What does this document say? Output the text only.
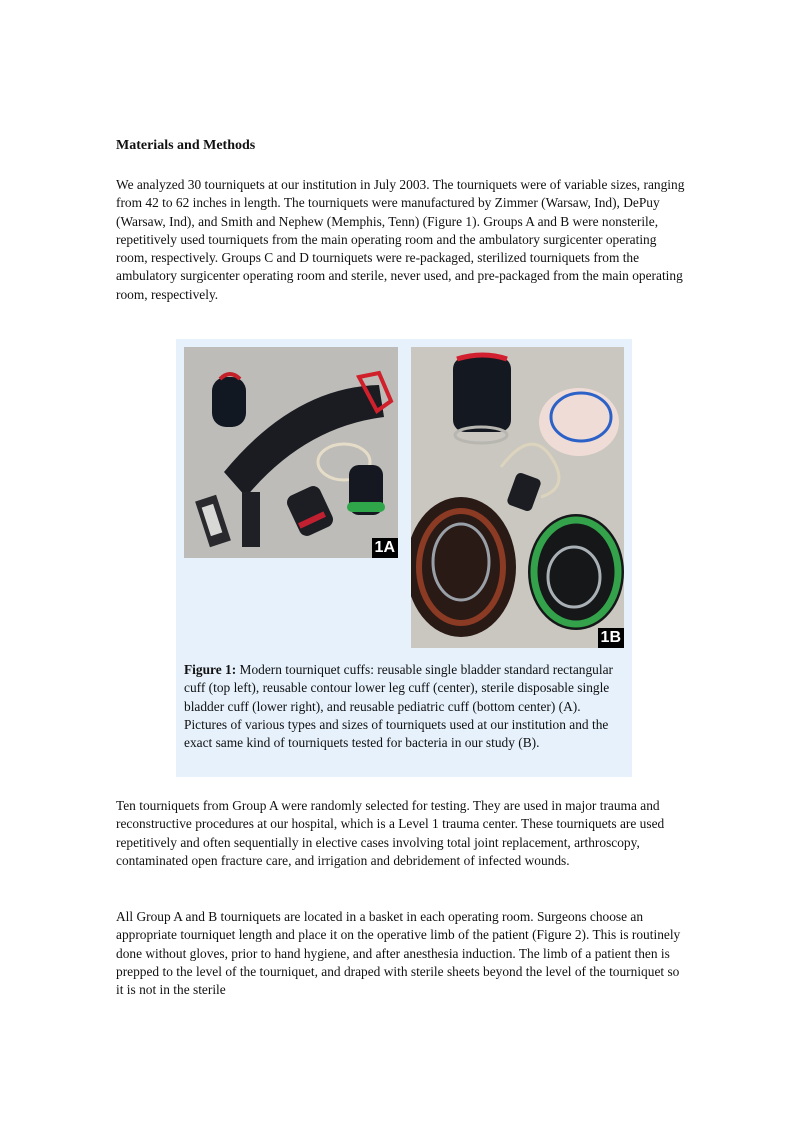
Materials and Methods

We analyzed 30 tourniquets at our institution in July 2003. The tourniquets were of variable sizes, ranging from 42 to 62 inches in length. The tourniquets were manufactured by Zimmer (Warsaw, Ind), DePuy (Warsaw, Ind), and Smith and Nephew (Memphis, Tenn) (Figure 1). Groups A and B were nonsterile, repetitively used tourniquets from the main operating room and the ambulatory surgicenter operating room, respectively. Groups C and D tourniquets were re-packaged, sterilized tourniquets from the ambulatory surgicenter operating room and sterile, never used, and pre-packaged from the main operating room, respectively.

1A
1B

Figure 1: Modern tourniquet cuffs: reusable single bladder standard rectangular cuff (top left), reusable contour lower leg cuff (center), sterile disposable single bladder cuff (lower right), and reusable pediatric cuff (bottom center) (A). Pictures of various types and sizes of tourniquets used at our institution and the exact same kind of tourniquets tested for bacteria in our study (B).

Ten tourniquets from Group A were randomly selected for testing. They are used in major trauma and reconstructive procedures at our hospital, which is a Level 1 trauma center. These tourniquets are used repetitively and often sequentially in elective cases involving total joint replacement, arthroscopy, contaminated open fracture care, and irrigation and debridement of infected wounds.

All Group A and B tourniquets are located in a basket in each operating room. Surgeons choose an appropriate tourniquet length and place it on the operative limb of the patient (Figure 2). This is routinely done without gloves, prior to hand hygiene, and after anesthesia induction. The limb of a patient then is prepped to the level of the tourniquet, and draped with sterile sheets beyond the level of the tourniquet so it is not in the sterile
